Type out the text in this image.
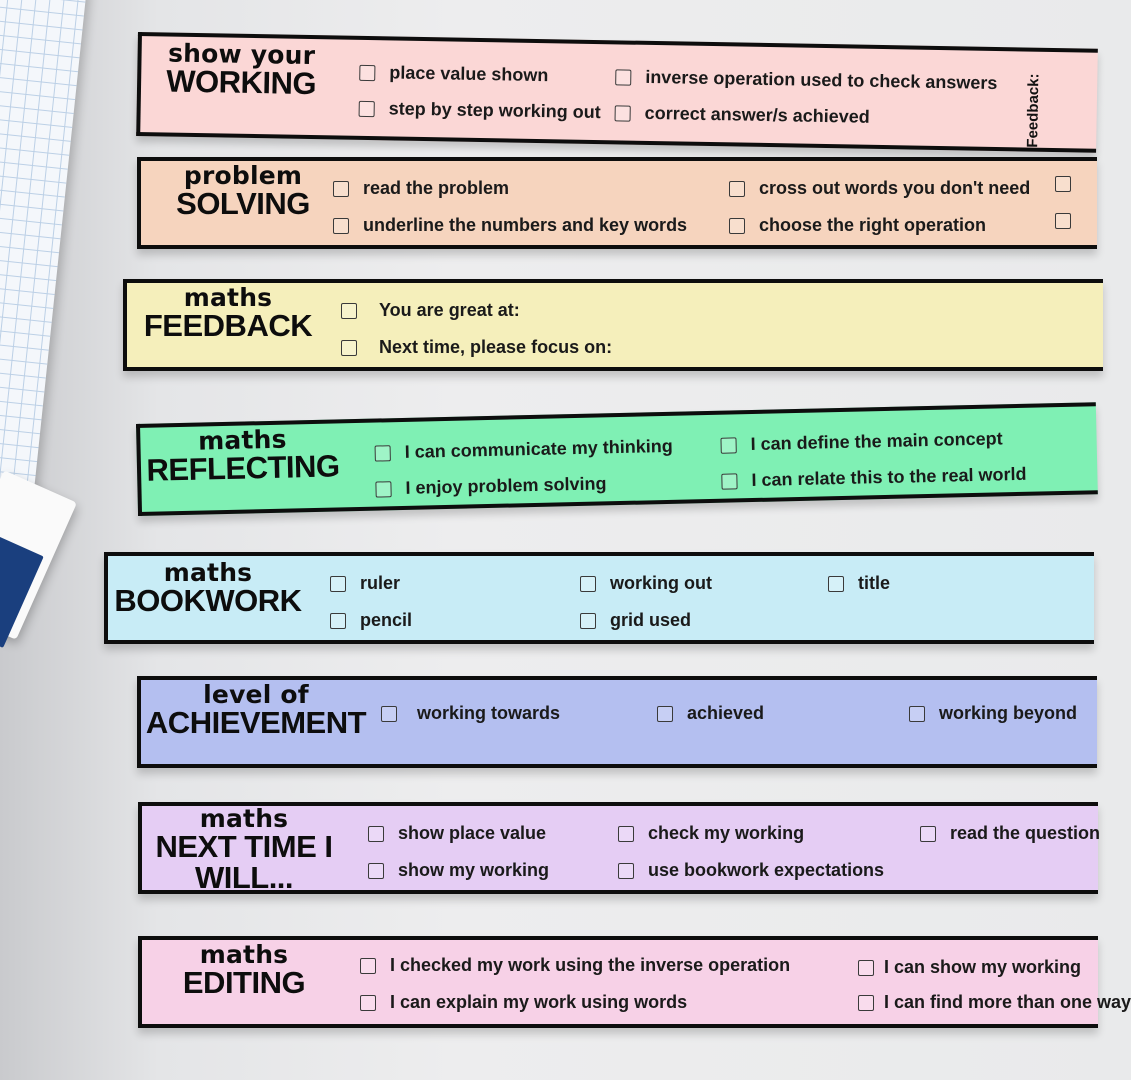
show your
WORKING	place value shown
step by step working out
inverse operation used to check answers
correct answer/s achieved	Feedback:
problem
SOLVING	read the problem
underline the numbers and key words
cross out words you don't need
choose the right operation
maths
FEEDBACK	You are great at:
Next time, please focus on:
maths
REFLECTING	I can communicate my thinking
I enjoy problem solving
I can define the main concept
I can relate this to the real world
maths
BOOKWORK	ruler
pencil
working out
grid used
title
level of
ACHIEVEMENT	working towards	achieved	working beyond
maths
NEXT TIME I
WILL...
show place value
show my working
check my working
use bookwork expectations
read the question
maths
EDITING	I checked my work using the inverse operation
I can explain my work using words
I can show my working
I can find more than one way
